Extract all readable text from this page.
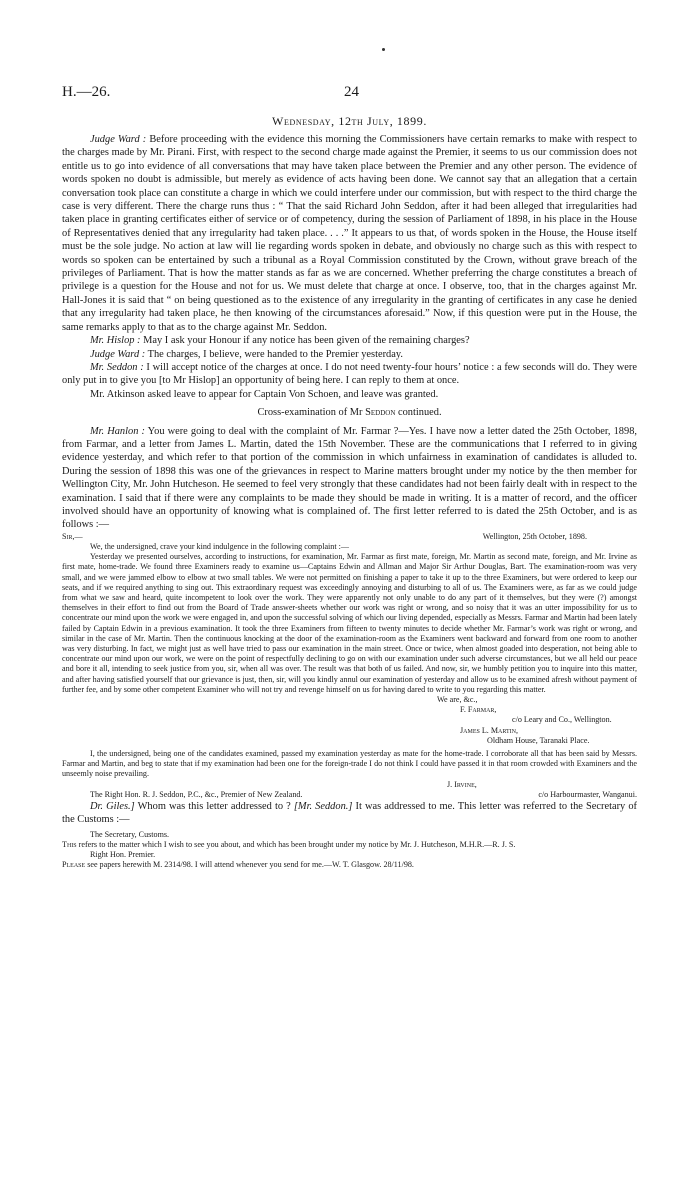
H.—26.	24
Wednesday, 12th July, 1899.

Judge Ward : Before proceeding with the evidence this morning the Commissioners have certain remarks to make with respect to the charges made by Mr. Pirani. First, with respect to the second charge made against the Premier, it seems to us our commission does not entitle us to go into evidence of all conversations that may have taken place between the Premier and any other person. The evidence of words spoken no doubt is admissible, but merely as evidence of acts having been done. We cannot say that an allegation that a certain conversation took place can constitute a charge in which we could interfere under our commission, but with respect to the third charge the case is very different. There the charge runs thus : “ That the said Richard John Seddon, after it had been alleged that irregularities had taken place in granting certificates either of service or of competency, during the session of Parliament of 1898, in his place in the House of Representatives denied that any irregularity had taken place. . . .” It appears to us that, of words spoken in the House, the House itself must be the sole judge. No action at law will lie regarding words spoken in debate, and obviously no charge such as this with respect to words so spoken can be entertained by such a tribunal as a Royal Commission constituted by the Crown, without grave breach of the privileges of Parliament. That is how the matter stands as far as we are concerned. Whether preferring the charge constitutes a breach of privilege is a question for the House and not for us. We must delete that charge at once. I observe, too, that in the charges against Mr. Hall-Jones it is said that “ on being questioned as to the existence of any irregularity in the granting of certificates in any case he denied that any irregularity had taken place, he then knowing of the circumstances aforesaid.” Now, if this question were put in the House, the same remarks apply to that as to the charge against Mr. Seddon.

Mr. Hislop : May I ask your Honour if any notice has been given of the remaining charges?

Judge Ward : The charges, I believe, were handed to the Premier yesterday.

Mr. Seddon : I will accept notice of the charges at once. I do not need twenty-four hours’ notice : a few seconds will do. They were only put in to give you [to Mr Hislop] an opportunity of being here. I can reply to them at once.

Mr. Atkinson asked leave to appear for Captain Von Schoen, and leave was granted.

Cross-examination of Mr Seddon continued.

Mr. Hanlon : You were going to deal with the complaint of Mr. Farmar ?—Yes. I have now a letter dated the 25th October, 1898, from Farmar, and a letter from James L. Martin, dated the 15th November. These are the communications that I referred to in giving evidence yesterday, and which refer to that portion of the commission in which unfairness in examination of candidates is alluded to. During the session of 1898 this was one of the grievances in respect to Marine matters brought under my notice by the then member for Wellington City, Mr. John Hutcheson. He seemed to feel very strongly that these candidates had not been fairly dealt with in respect to the examination. I said that if there were any complaints to be made they should be made in writing. It is a matter of record, and the officer involved should have an opportunity of knowing what is complained of. The first letter referred to is dated the 25th October, and is as follows :—

Sir,—	Wellington, 25th October, 1898.

We, the undersigned, crave your kind indulgence in the following complaint :—

Yesterday we presented ourselves, according to instructions, for examination, Mr. Farmar as first mate, foreign, Mr. Martin as second mate, foreign, and Mr. Irvine as first mate, home-trade. We found three Examiners ready to examine us—Captains Edwin and Allman and Major Sir Arthur Douglas, Bart. The examination-room was very small, and we were jammed elbow to elbow at two small tables. We were not permitted on finishing a paper to take it up to the three Examiners, but were ordered to keep our seats, and if we required anything to sing out. This extraordinary request was exceedingly annoying and disturbing to all of us. The Examiners were, as far as we could judge from what we saw and heard, quite incompetent to look over the work. They were apparently not only unable to do any part of it themselves, but they were (?) amongst themselves in their effort to find out from the Board of Trade answer-sheets whether our work was right or wrong, and so noisy that it was an utter impossibility for us to concentrate our mind upon the work we were engaged in, and upon the successful solving of which our living depended, especially as Messrs. Farmar and Martin had been lately failed by Captain Edwin in a previous examination. It took the three Examiners from fifteen to twenty minutes to decide whether Mr. Farmar’s work was right or wrong, and similar in the case of Mr. Martin. Then the continuous knocking at the door of the examination-room as the Examiners went backward and forward from one room to another was very disturbing. In fact, we might just as well have tried to pass our examination in the main street. Once or twice, when almost goaded into desperation, not being able to concentrate our mind upon our work, we were on the point of respectfully declining to go on with our examination under such adverse circumstances, but we all held our peace and bore it all, intending to seek justice from you, sir, when all was over. The result was that both of us failed. And now, sir, we humbly petition you to inquire into this matter, and after having satisfied yourself that our grievance is just, then, sir, will you kindly annul our examination of yesterday and allow us to be examined afresh without payment of further fee, and by some other competent Examiner who will not try and revenge himself on us for having dared to write to you regarding this matter.

We are, &c.,
F. Farmar,
c/o Leary and Co., Wellington.
James L. Martin,
Oldham House, Taranaki Place.

I, the undersigned, being one of the candidates examined, passed my examination yesterday as mate for the home-trade. I corroborate all that has been said by Messrs. Farmar and Martin, and beg to state that if my examination had been one for the foreign-trade I do not think I could have passed it in that room crowded with Examiners and the unseemly noise prevailing.

J. Irvine,
The Right Hon. R. J. Seddon, P.C., &c., Premier of New Zealand.	c/o Harbourmaster, Wanganui.

Dr. Giles.] Whom was this letter addressed to ? [Mr. Seddon.] It was addressed to me. This letter was referred to the Secretary of the Customs :—

The Secretary, Customs.

This refers to the matter which I wish to see you about, and which has been brought under my notice by Mr. J. Hutcheson, M.H.R.—R. J. S.

Right Hon. Premier.

Please see papers herewith M. 2314/98. I will attend whenever you send for me.—W. T. Glasgow. 28/11/98.
